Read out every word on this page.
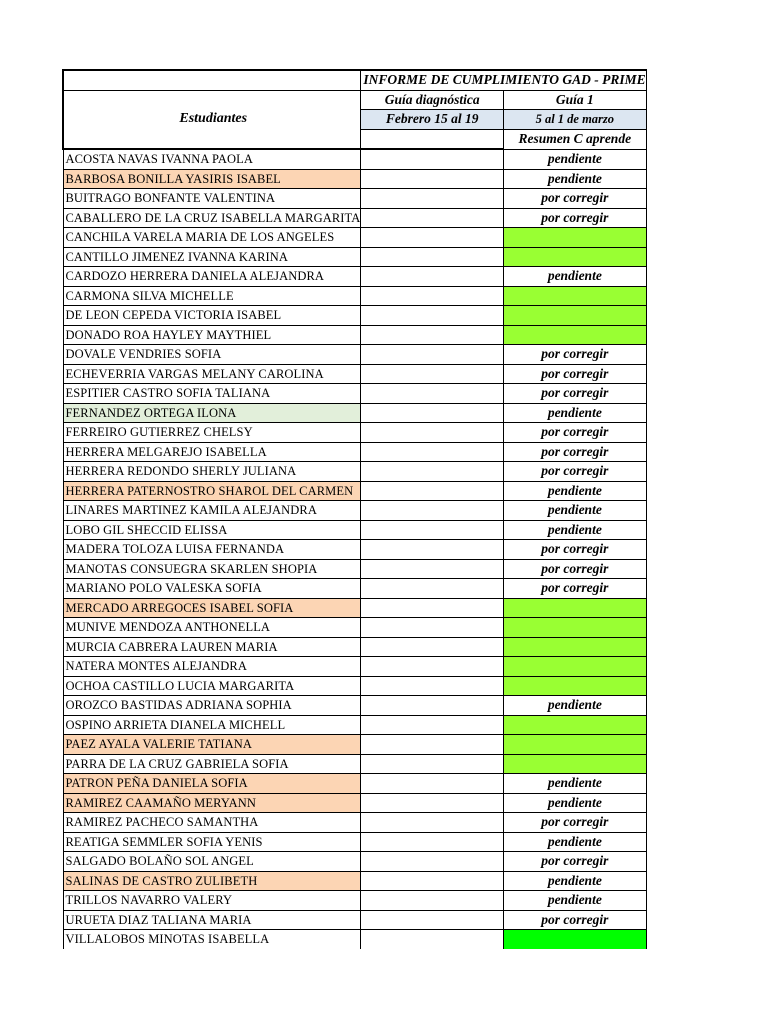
	INFORME DE CUMPLIMIENTO GAD - PRIME	
Estudiantes	Guía diagnóstica	Guía 1
	Febrero 15 al 19	5 al 1 de marzo
		Resumen C aprende
ACOSTA NAVAS IVANNA PAOLA		pendiente
BARBOSA BONILLA YASIRIS ISABEL		pendiente
BUITRAGO BONFANTE VALENTINA		por corregir
CABALLERO DE LA CRUZ ISABELLA MARGARITA		por corregir
CANCHILA VARELA MARIA DE LOS ANGELES		
CANTILLO JIMENEZ IVANNA KARINA		
CARDOZO HERRERA DANIELA ALEJANDRA		pendiente
CARMONA SILVA MICHELLE		
DE LEON CEPEDA VICTORIA ISABEL		
DONADO ROA HAYLEY MAYTHIEL		
DOVALE VENDRIES SOFIA		por corregir
ECHEVERRIA VARGAS MELANY CAROLINA		por corregir
ESPITIER CASTRO SOFIA TALIANA		por corregir
FERNANDEZ ORTEGA ILONA		pendiente
FERREIRO GUTIERREZ CHELSY		por corregir
HERRERA MELGAREJO ISABELLA		por corregir
HERRERA REDONDO SHERLY JULIANA		por corregir
HERRERA PATERNOSTRO SHAROL DEL CARMEN		pendiente
LINARES MARTINEZ KAMILA ALEJANDRA		pendiente
LOBO GIL SHECCID ELISSA		pendiente
MADERA TOLOZA LUISA FERNANDA		por corregir
MANOTAS CONSUEGRA SKARLEN SHOPIA		por corregir
MARIANO POLO VALESKA SOFIA		por corregir
MERCADO ARREGOCES ISABEL SOFIA		
MUNIVE MENDOZA ANTHONELLA		
MURCIA CABRERA LAUREN MARIA		
NATERA MONTES ALEJANDRA		
OCHOA CASTILLO LUCIA MARGARITA		
OROZCO BASTIDAS ADRIANA SOPHIA		pendiente
OSPINO ARRIETA DIANELA MICHELL		
PAEZ AYALA VALERIE TATIANA		
PARRA DE LA CRUZ GABRIELA SOFIA		
PATRON PEÑA DANIELA SOFIA		pendiente
RAMIREZ CAAMAÑO MERYANN		pendiente
RAMIREZ PACHECO SAMANTHA		por corregir
REATIGA SEMMLER SOFIA YENIS		pendiente
SALGADO BOLAÑO SOL ANGEL		por corregir
SALINAS DE CASTRO ZULIBETH		pendiente
TRILLOS NAVARRO VALERY		pendiente
URUETA DIAZ TALIANA MARIA		por corregir
VILLALOBOS MINOTAS ISABELLA		
